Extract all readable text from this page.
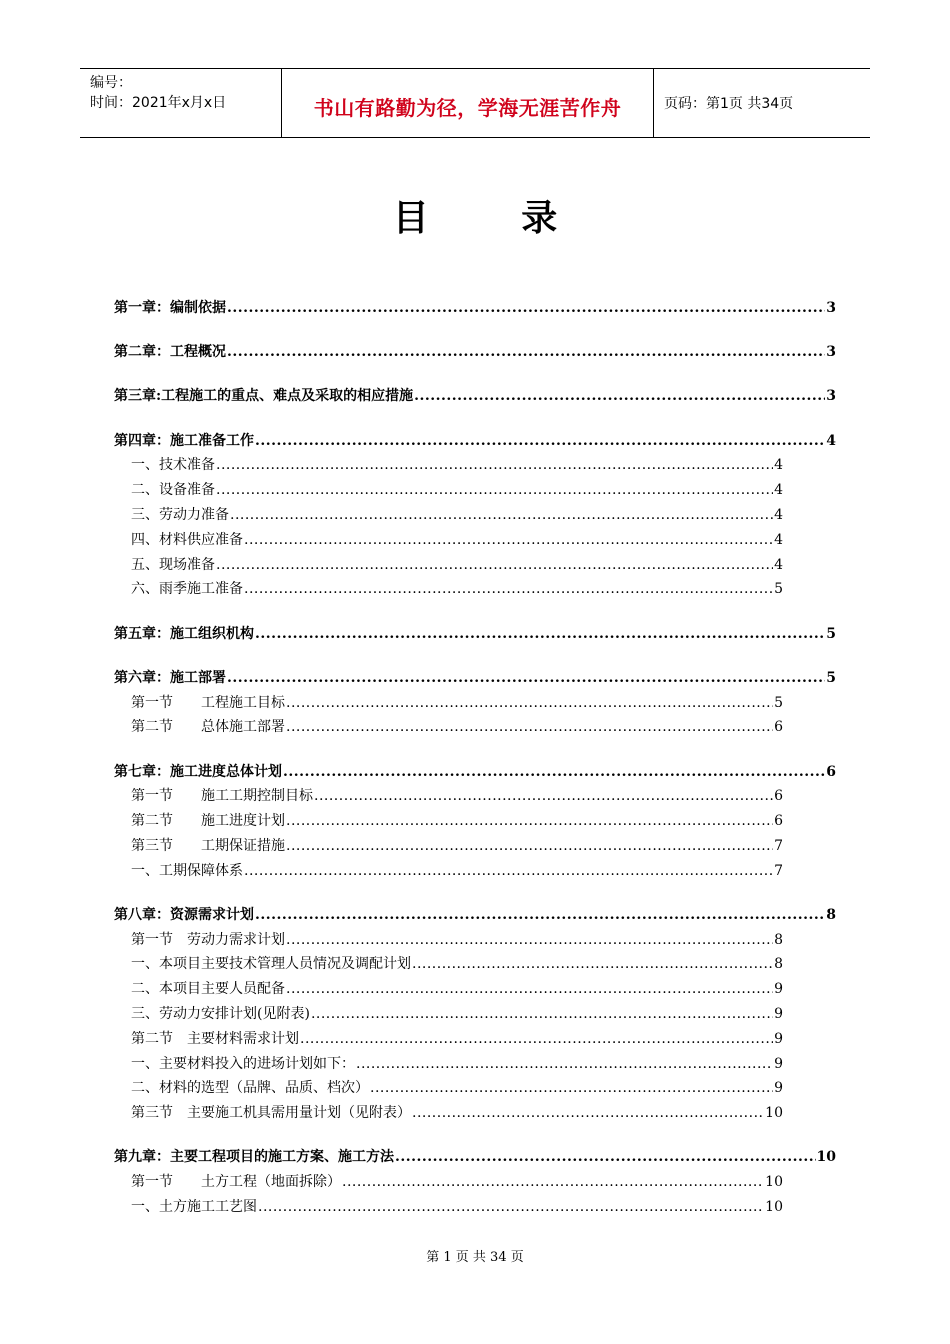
编号：
时间：2021年x月x日	书山有路勤为径，学海无涯苦作舟	页码：第1页 共34页
目 录
第一章：编制依据 .....	3
第二章：工程概况 .....	3
第三章:工程施工的重点、难点及采取的相应措施 .....	3
第四章：施工准备工作 .....	4
一、技术准备 .....	4
二、设备准备 .....	4
三、劳动力准备 .....	4
四、材料供应准备 .....	4
五、现场准备 .....	4
六、雨季施工准备 .....	5
第五章：施工组织机构 .....	5
第六章：施工部署 .....	5
第一节　　工程施工目标 .....	5
第二节　　总体施工部署 .....	6
第七章：施工进度总体计划 .....	6
第一节　　施工工期控制目标 .....	6
第二节　　施工进度计划 .....	6
第三节　　工期保证措施 .....	7
一、工期保障体系 .....	7
第八章：资源需求计划 .....	8
第一节　劳动力需求计划 .....	8
一、本项目主要技术管理人员情况及调配计划 .....	8
二、本项目主要人员配备 .....	9
三、劳动力安排计划(见附表) .....	9
第二节　主要材料需求计划 .....	9
一、主要材料投入的进场计划如下： .....	9
二、材料的选型（品牌、品质、档次） .....	9
第三节　主要施工机具需用量计划（见附表） .....	10
第九章：主要工程项目的施工方案、施工方法 .....	10
第一节　　土方工程（地面拆除） .....	10
一、土方施工工艺图 .....	10
第 1 页 共 34 页
